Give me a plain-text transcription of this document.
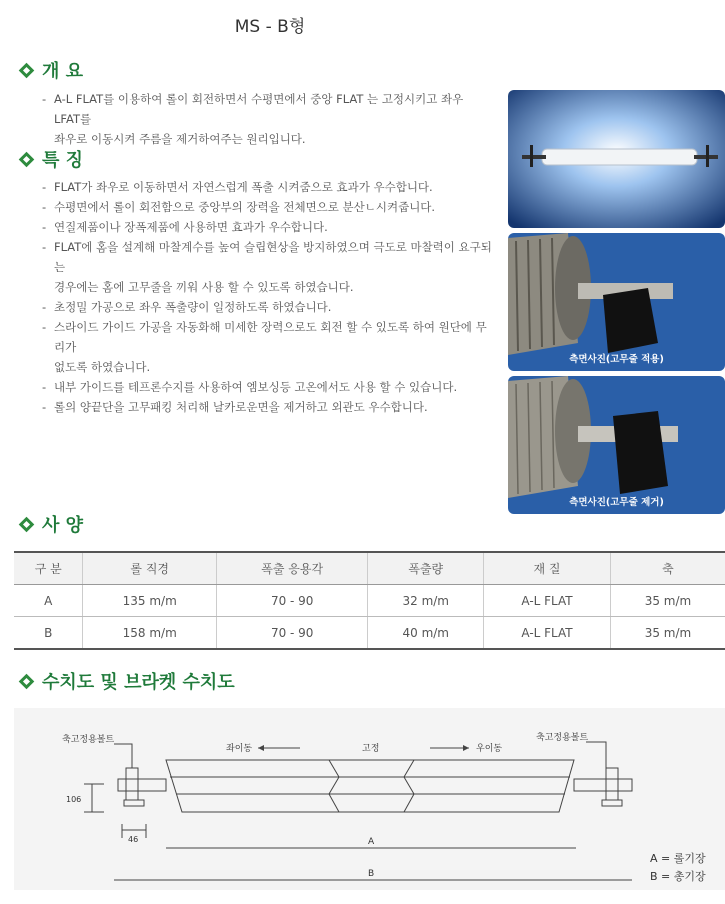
MS - B형
개 요
- A-L FLAT를 이용하여 롤이 회전하면서 수평면에서 중앙 FLAT 는 고정시키고 좌우 LFAT를
좌우로 이동시켜 주름을 제거하여주는 원리입니다.
특 징
- FLAT가 좌우로 이동하면서 자연스럽게 폭출 시켜줌으로 효과가 우수합니다.
- 수평면에서 롤이 회전함으로 중앙부의 장력을 전체면으로 분산ㄴ시켜줍니다.
- 연질제품이나 장폭제품에 사용하면 효과가 우수합니다.
- FLAT에 홈을 설계해 마찰계수를 높여 슬립현상을 방지하였으며 극도로 마찰력이 요구되는
경우에는 홈에 고무줄을 끼워 사용 할 수 있도록 하였습니다.
- 초정밀 가공으로 좌우 폭출량이 일정하도록 하였습니다.
- 스라이드 가이드 가공을 자동화해 미세한 장력으로도 회전 할 수 있도록 하여 원단에 무리가
없도록 하였습니다.
- 내부 가이드를 테프론수지를 사용하여 엠보싱등 고온에서도 사용 할 수 있습니다.
- 롤의 양끝단을 고무패킹 처리해 날카로운면을 제거하고 외관도 우수합니다.
측면사진(고무줄 적용)
측면사진(고무줄 제거)
사 양
구 분	롤 직경	폭출 응용각	폭출량	재 질	축
A	135 m/m	70 - 90	32 m/m	A-L FLAT	35 m/m
B	158 m/m	70 - 90	40 m/m	A-L FLAT	35 m/m
수치도 및 브라켓 수치도
축고정용볼트	축고정용볼트
좌이동	고정	우이동
106
46	A
B
A = 롤기장
B = 총기장
